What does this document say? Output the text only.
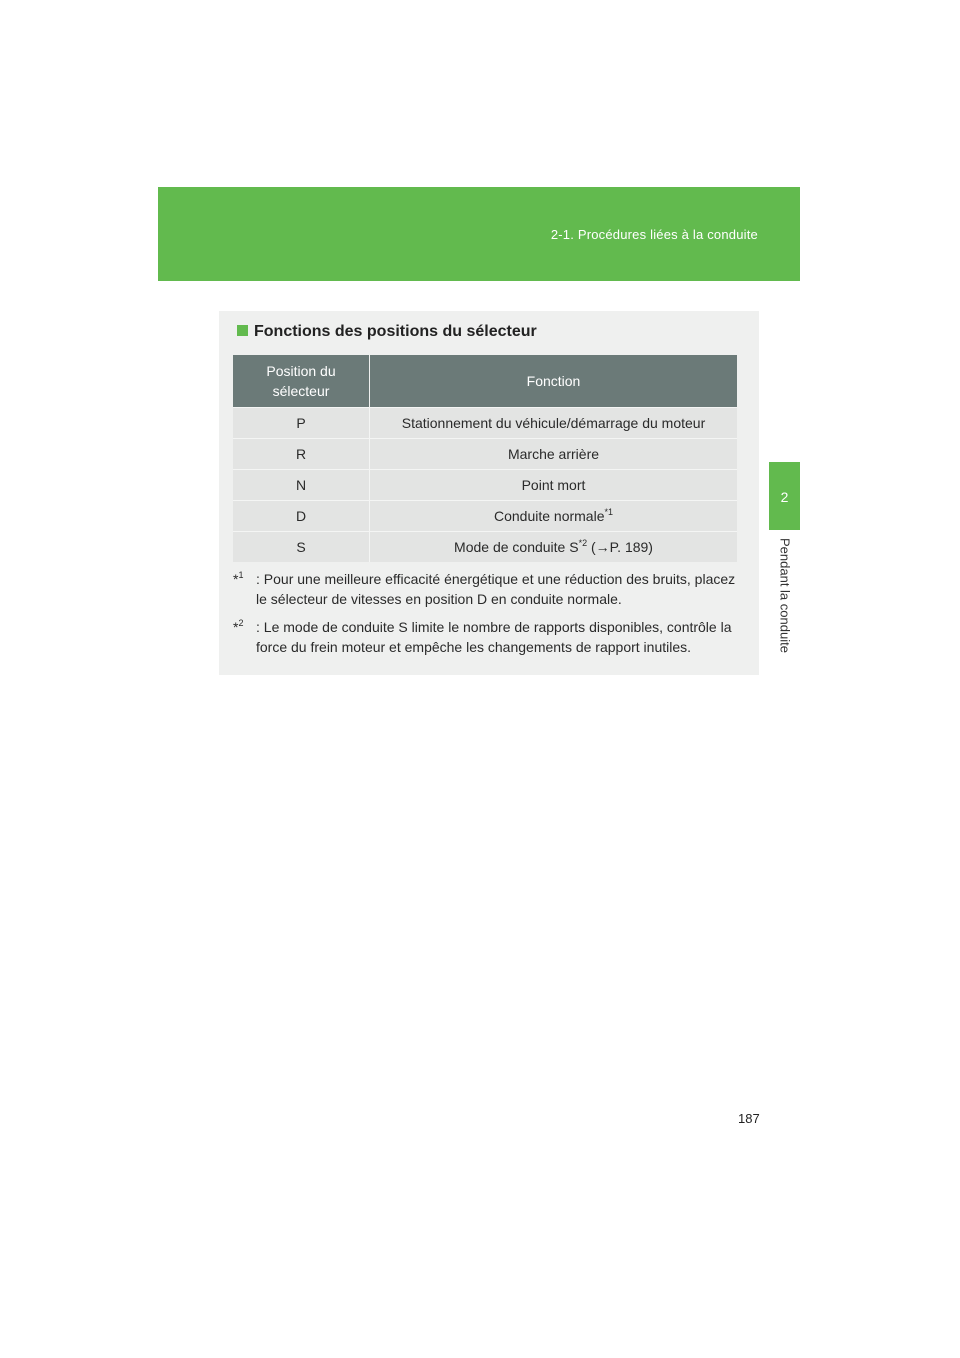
2-1. Procédures liées à la conduite
2
Pendant la conduite
Fonctions des positions du sélecteur
Position du
sélecteur	Fonction
P	Stationnement du véhicule/démarrage du moteur
R	Marche arrière
N	Point mort
D	Conduite normale$^{*1}$
S	Mode de conduite $S^{*2}$ (→P. 189)
*$^1$ : Pour une meilleure efficacité énergétique et une réduction des bruits, placez le sélecteur de vitesses en position D en conduite normale.
*$^2$ : Le mode de conduite S limite le nombre de rapports disponibles, contrôle la force du frein moteur et empêche les changements de rapport inutiles.
187
